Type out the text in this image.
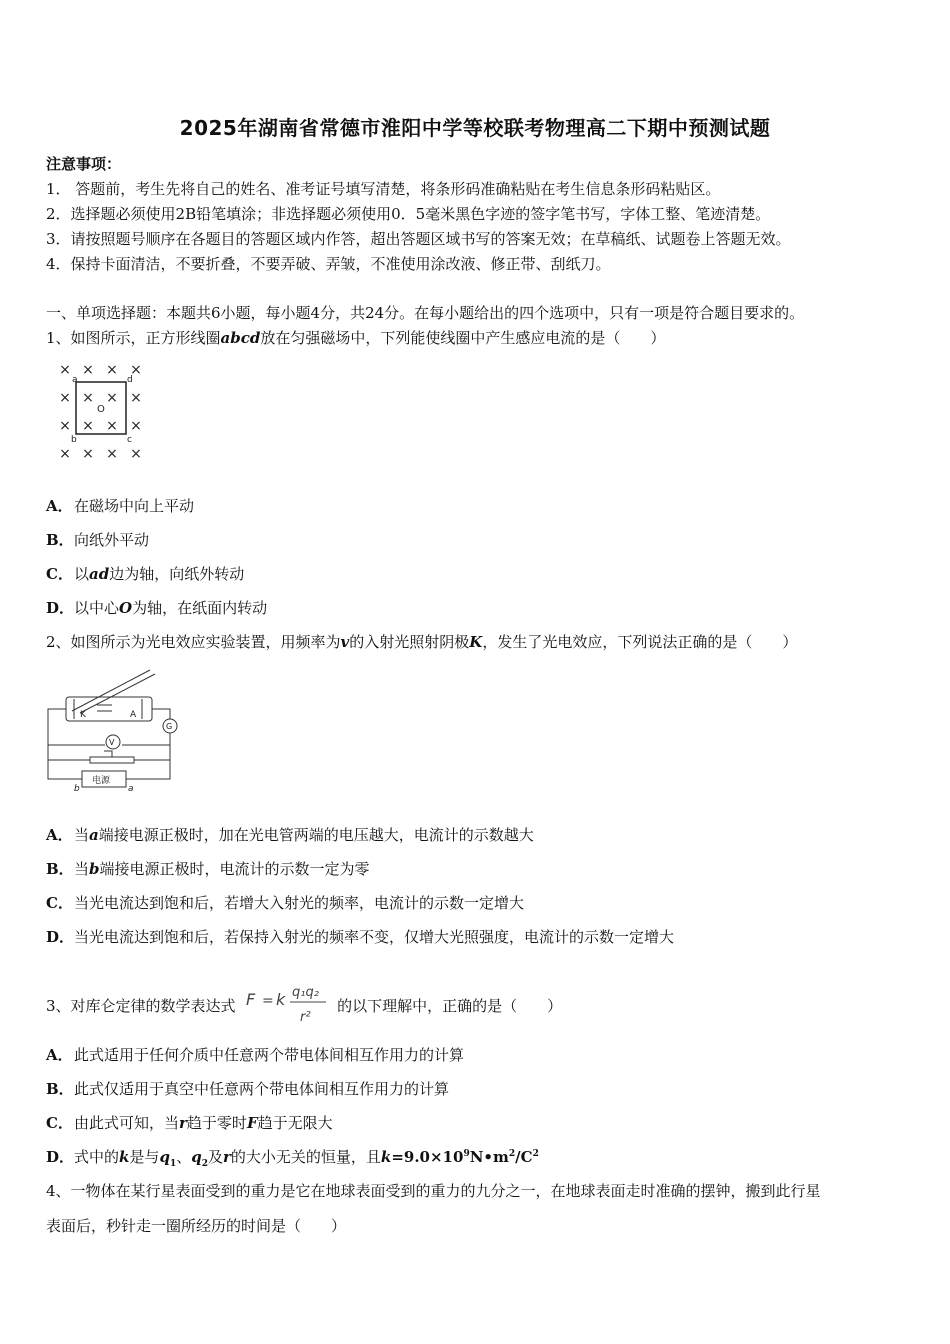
2025年湖南省常德市淮阳中学等校联考物理高二下期中预测试题
注意事项：
1． 答题前，考生先将自己的姓名、准考证号填写清楚，将条形码准确粘贴在考生信息条形码粘贴区。
2．选择题必须使用2B铅笔填涂；非选择题必须使用0．5毫米黑色字迹的签字笔书写，字体工整、笔迹清楚。
3．请按照题号顺序在各题目的答题区域内作答，超出答题区域书写的答案无效；在草稿纸、试题卷上答题无效。
4．保持卡面清洁，不要折叠，不要弄破、弄皱，不准使用涂改液、修正带、刮纸刀。
一、单项选择题：本题共6小题，每小题4分，共24分。在每小题给出的四个选项中，只有一项是符合题目要求的。
1、如图所示，正方形线圈abcd放在匀强磁场中，下列能使线圈中产生感应电流的是（　　）
× × × ×
× × × ×
× × × ×
× × × ×
a	d
b	c
O
A．在磁场中向上平动
B．向纸外平动
C．以ad边为轴，向纸外转动
D．以中心O为轴，在纸面内转动
2、如图所示为光电效应实验装置，用频率为v的入射光照射阴极K，发生了光电效应，下列说法正确的是（　　）
K	A
G
V
电源
b	a
A．当a端接电源正极时，加在光电管两端的电压越大，电流计的示数越大
B．当b端接电源正极时，电流计的示数一定为零
C．当光电流达到饱和后，若增大入射光的频率，电流计的示数一定增大
D．当光电流达到饱和后，若保持入射光的频率不变，仅增大光照强度，电流计的示数一定增大
3、对库仑定律的数学表达式 F = k q₁q₂
r²
的以下理解中，正确的是（　　）
A．此式适用于任何介质中任意两个带电体间相互作用力的计算
B．此式仅适用于真空中任意两个带电体间相互作用力的计算
C．由此式可知，当r趋于零时F趋于无限大
D．式中的k是与$q_1$、$q_2$及r的大小无关的恒量，且$k=9.0\times 10^9N•m^2/C^2$
4、一物体在某行星表面受到的重力是它在地球表面受到的重力的九分之一，在地球表面走时准确的摆钟，搬到此行星
表面后，秒针走一圈所经历的时间是（　　）
